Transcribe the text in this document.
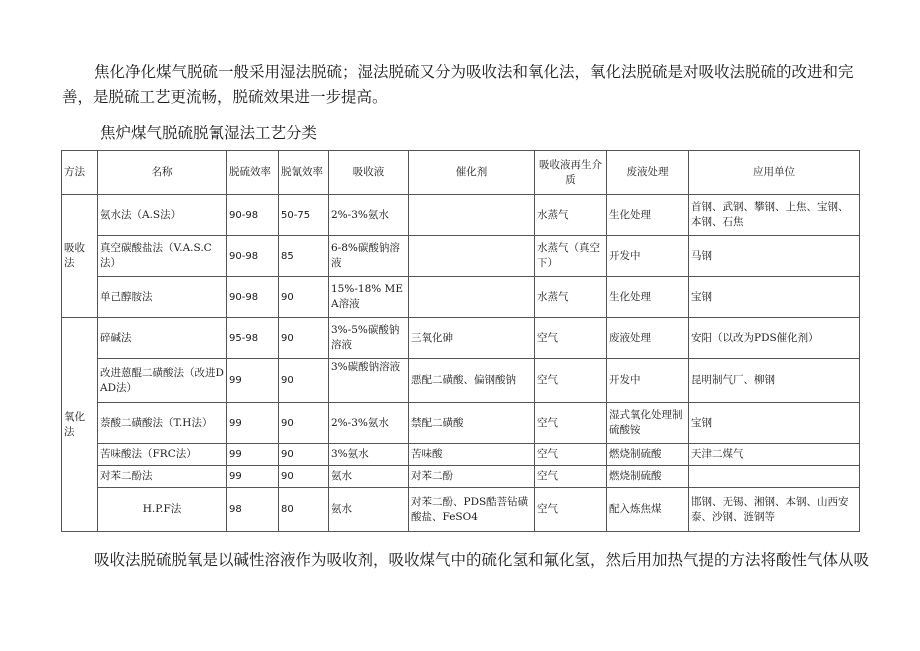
焦化净化煤气脱硫一般采用湿法脱硫；湿法脱硫又分为吸收法和氧化法，氧化法脱硫是对吸收法脱硫的改进和完善，是脱硫工艺更流畅，脱硫效果进一步提高。

焦炉煤气脱硫脱氰湿法工艺分类

方法	名称	脱硫效率	脱氰效率	吸收液	催化剂	吸收液再生介质	废液处理	应用单位
吸收法	氨水法（A.S法）	90-98	50-75	2%-3%氨水		水蒸气	生化处理	首钢、武钢、攀钢、上焦、宝钢、本钢、石焦
	真空碳酸盐法（V.A.S.C法）	90-98	85	6-8%碳酸钠溶液		水蒸气（真空下）	开发中	马钢
	单己醇胺法	90-98	90	15%-18% MEA溶液		水蒸气	生化处理	宝钢
氧化法	碎碱法	95-98	90	3%-5%碳酸钠溶液	三氧化砷	空气	废液处理	安阳（以改为PDS催化剂）
	改进蒽醌二磺酸法（改进DAD法）	99	90	3%碳酸钠溶液	悪配二磺酸、偏钢酸钠	空气	开发中	昆明制气厂、柳钢
	萘酸二磺酸法（T.H法）	99	90	2%-3%氨水	禁配二磺酸	空气	湿式氧化处理制硫酸铵	宝钢
	苦味酸法（FRC法）	99	90	3%氨水	苦味酸	空气	燃烧制硫酸	天津二煤气
	对苯二酚法	99	90	氨水	对苯二酚	空气	燃烧制硫酸	
	H.P.F法	98	80	氨水	对苯二酚、PDS酷菩钻磺酸盐、FeSO4	空气	配入炼焦煤	邯钢、无锡、湘钢、本钢、山西安泰、沙钢、涟钢等

吸收法脱硫脱氧是以碱性溶液作为吸收剂，吸收煤气中的硫化氢和氟化氢，然后用加热气提的方法将酸性气体从吸
